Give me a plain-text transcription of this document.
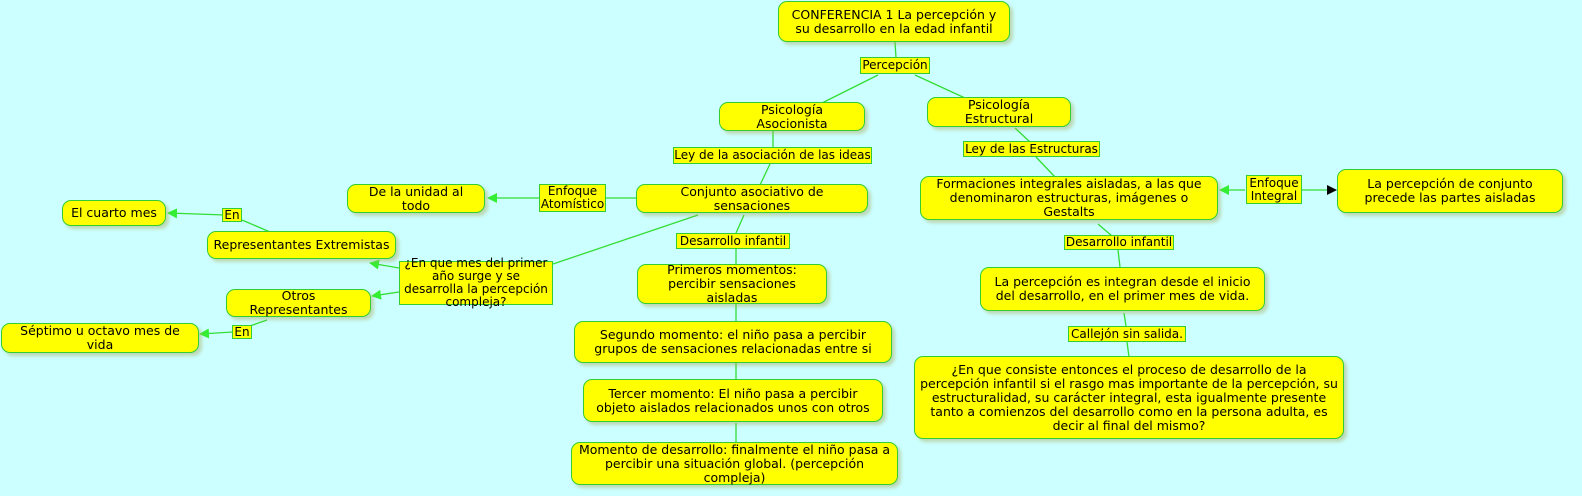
CONFERENCIA 1 La percepción y su desarrollo en la edad infantil
Percepción
Psicología Asocionista
Psicología Estructural
Ley de la asociación de las ideas	Ley de las Estructuras
Conjunto asociativo de sensaciones
Enfoque Atomístico
De la unidad al todo
Formaciones integrales aisladas, a las que denominaron estructuras, imágenes o Gestalts
Enfoque Integral
La percepción de conjunto precede las partes aisladas
El cuarto mes	En
Representantes Extremistas	Desarrollo infantil	Desarrollo infantil
¿En que mes del primer año surge y se desarrolla la percepción compleja?
Primeros momentos: percibir sensaciones aisladas
La percepción es integran desde el inicio del desarrollo, en el primer mes de vida.
Otros Representantes
En
Séptimo u octavo mes de vida
Segundo momento: el niño pasa a percibir grupos de sensaciones relacionadas entre si
Callejón sin salida.
¿En que consiste entonces el proceso de desarrollo de la percepción infantil si el rasgo mas importante de la percepción, su estructuralidad, su carácter integral, esta igualmente presente tanto a comienzos del desarrollo como en la persona adulta, es decir al final del mismo?
Tercer momento: El niño pasa a percibir objeto aislados relacionados unos con otros
Momento de desarrollo: finalmente el niño pasa a percibir una situación global. (percepción compleja)
